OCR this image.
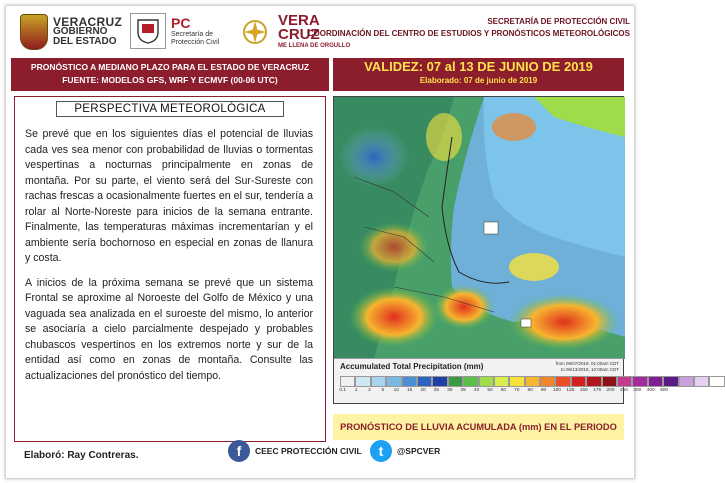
VERACRUZ
GOBIERNO
DEL ESTADO
PC
Secretaría de
Protección Civil
VERA CRUZ
ME LLENA DE ORGULLO
SECRETARÍA DE PROTECCIÓN CIVIL
COORDINACIÓN DEL CENTRO DE ESTUDIOS Y PRONÓSTICOS METEOROLÓGICOS
PRONÓSTICO A MEDIANO PLAZO PARA EL ESTADO DE VERACRUZ
FUENTE: MODELOS GFS, WRF Y ECMVF (00-06 UTC)
VALIDEZ: 07 al 13 DE JUNIO DE 2019
Elaborado: 07 de junio de 2019
PERSPECTIVA METEOROLÓGICA
Se prevé que en los siguientes días el potencial de lluvias cada ves sea menor con probabilidad de lluvias o tormentas vespertinas a nocturnas principalmente en zonas de montaña. Por su parte, el viento será del Sur-Sureste con rachas frescas a ocasionalmente fuertes en el sur, tendería a rolar al Norte-Noreste para inicios de la semana entrante. Finalmente, las temperaturas máximas incrementarían y el ambiente sería bochornoso en especial en zonas de llanura y costa.
A inicios de la próxima semana se prevé que un sistema Frontal se aproxime al Noroeste del Golfo de México y una vaguada sea analizada en el suroeste del mismo, lo anterior se asociaría a cielo parcialmente despejado y probables chubascos vespertinos en los extremos norte y sur de la entidad así como en zonas de montaña. Consulte las actualizaciones del pronóstico del tiempo.
Accumulated Total Precipitation (mm)	from 06/07/2019, 01:00am CDT
to 06/13/2019, 10:00am CDT
0.1	1	2	5	10	15	20	25	30	35	40	50	60	70	80	90	100	125	150	175	200	250	300	400	500
PRONÓSTICO DE LLUVIA ACUMULADA (mm) EN EL PERIODO
Elaboró: Ray Contreras.	f	CEEC PROTECCIÓN CIVIL	t	@SPCVER
